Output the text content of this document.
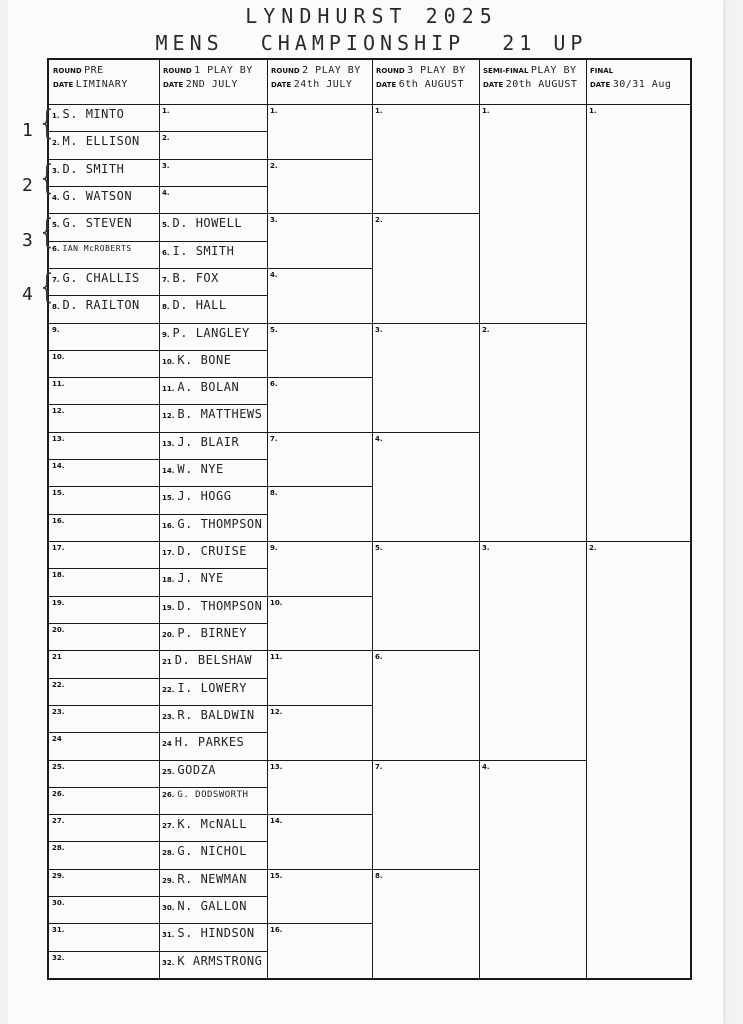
LYNDHURST 2025
MENS CHAMPIONSHIP 21 UP
ROUND PRE
DATE LIMINARY
ROUND 1 PLAY BY
DATE 2ND JULY
ROUND 2 PLAY BY
DATE 24th JULY
ROUND 3 PLAY BY
DATE 6th AUGUST
SEMI-FINAL PLAY BY
DATE 20th AUGUST
FINAL
DATE 30/31 Aug
1. S. MINTO
2. M. ELLISON
3. D. SMITH
4. G. WATSON
5. G. STEVEN
6. IAN McROBERTS
7. G. CHALLIS
8. D. RAILTON
9.
10.
11.
12.
13.
14.
15.
16.
17.
18.
19.
20.
21
22.
23.
24
25.
26.
27.
28.
29.
30.
31.
32.
1.
2.
3.
4.
5. D. HOWELL
6. I. SMITH
7. B. FOX
8. D. HALL
9. P. LANGLEY
10. K. BONE
11. A. BOLAN
12. B. MATTHEWS
13. J. BLAIR
14. W. NYE
15. J. HOGG
16. G. THOMPSON
17. D. CRUISE
18. J. NYE
19. D. THOMPSON
20. P. BIRNEY
21 D. BELSHAW
22. I. LOWERY
23. R. BALDWIN
24 H. PARKES
25. GODZA
26. G. DODSWORTH
27. K. McNALL
28. G. NICHOL
29. R. NEWMAN
30. N. GALLON
31. S. HINDSON
32. K ARMSTRONG
1.
2.
3.
4.
5.
6.
7.
8.
9.
10.
11.
12.
13.
14.
15.
16.
1.
2.
3.
4.
5.
6.
7.
8.
1.
2.
3.
4.
1.
2.
1 {
2 {
3 {
4 {
